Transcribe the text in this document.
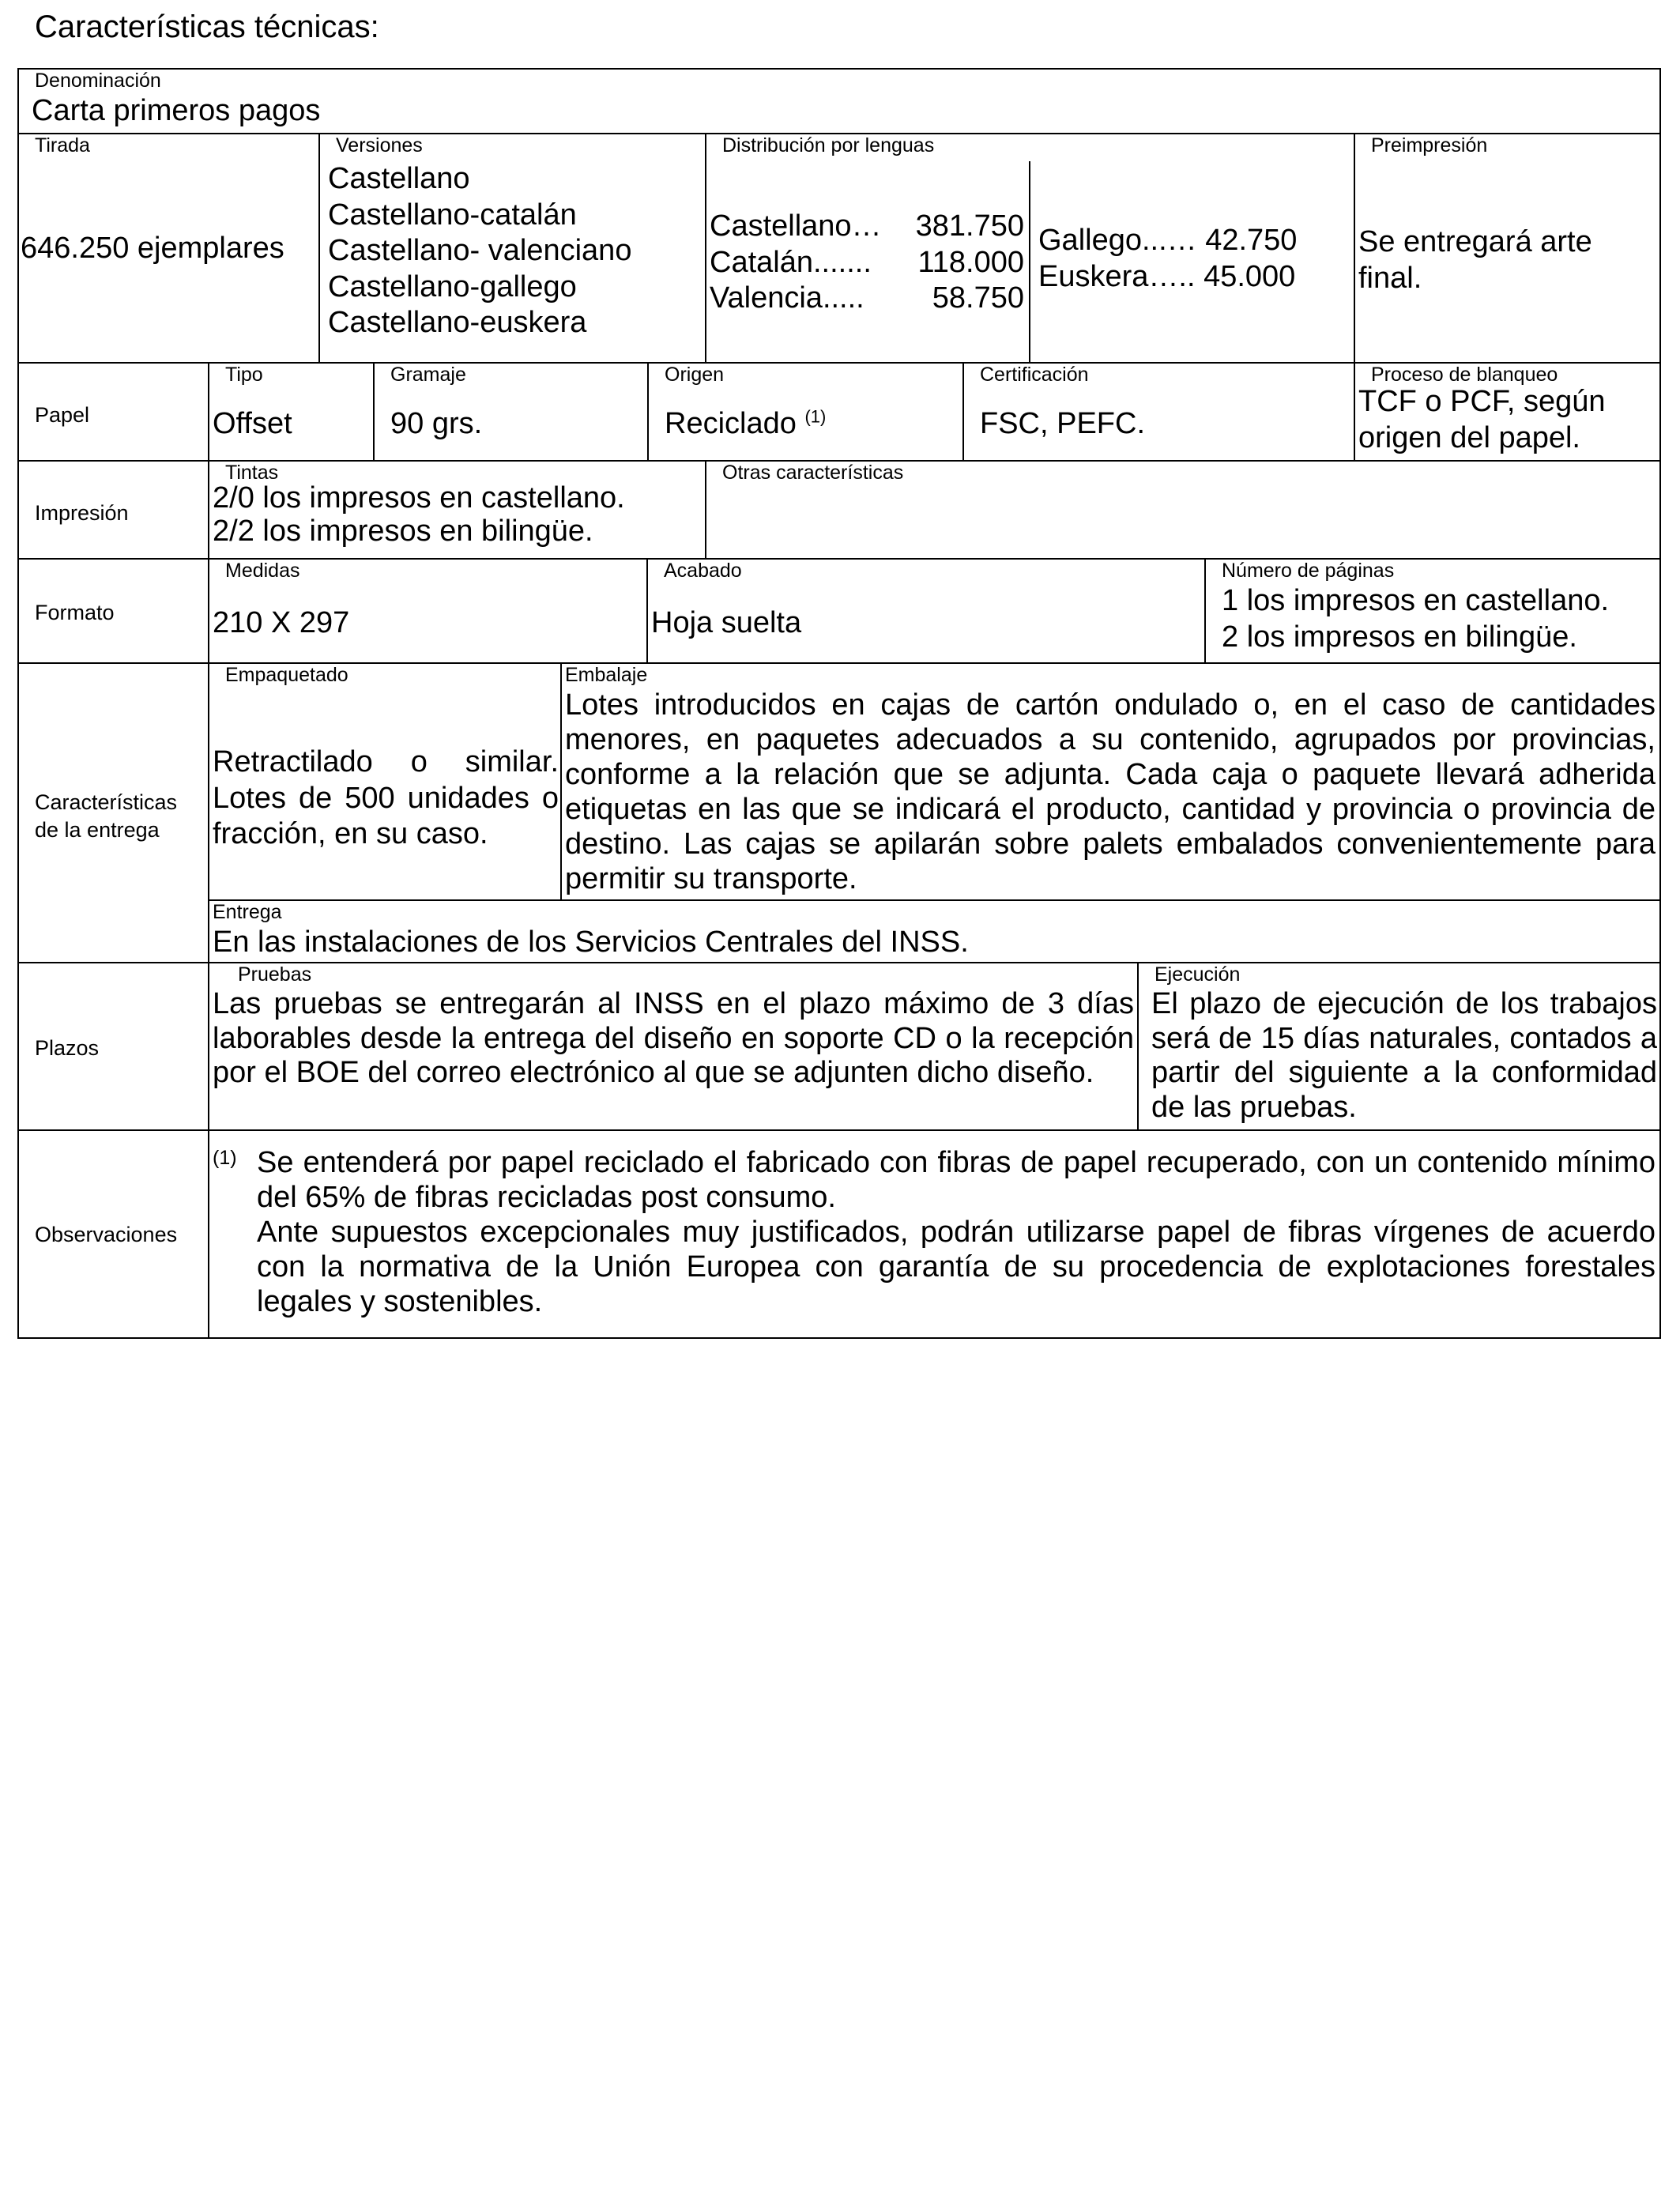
Características técnicas:
Denominación
Carta primeros pagos
Tirada
646.250 ejemplares
Versiones
Castellano
Castellano-catalán
Castellano- valenciano
Castellano-gallego
Castellano-euskera
Distribución por lenguas
Castellano… 381.750
Catalán....... 118.000
Valencia..... 58.750
Gallego...… 42.750
Euskera….. 45.000
Preimpresión
Se entregará arte
final.
Papel
Tipo
Offset
Gramaje
90 grs.
Origen
Reciclado $^{(1)}$
Certificación
FSC, PEFC.
Proceso de blanqueo
TCF o PCF, según
origen del papel.
Impresión
Tintas
2/0 los impresos en castellano.
2/2 los impresos en bilingüe.
Otras características
Formato
Medidas
210 X 297
Acabado
Hoja suelta
Número de páginas
1 los impresos en castellano.
2 los impresos en bilingüe.
Características
de la entrega
Empaquetado
Retractilado o similar. Lotes de 500 unidades o fracción, en su caso.
Embalaje
Lotes introducidos en cajas de cartón ondulado o, en el caso de cantidades menores, en paquetes adecuados a su contenido, agrupados por provincias, conforme a la relación que se adjunta. Cada caja o paquete llevará adherida etiquetas en las que se indicará el producto, cantidad y provincia o provincia de destino. Las cajas se apilarán sobre palets embalados convenientemente para permitir su transporte.
Entrega
En las instalaciones de los Servicios Centrales del INSS.
Plazos
Pruebas
Las pruebas se entregarán al INSS en el plazo máximo de 3 días laborables desde la entrega del diseño en soporte CD o la recepción por el BOE del correo electrónico al que se adjunten dicho diseño.
Ejecución
El plazo de ejecución de los trabajos será de 15 días naturales, contados a partir del siguiente a la conformidad de las pruebas.
Observaciones
(1) Se entenderá por papel reciclado el fabricado con fibras de papel recuperado, con un contenido mínimo del 65% de fibras recicladas post consumo.
Ante supuestos excepcionales muy justificados, podrán utilizarse papel de fibras vírgenes de acuerdo con la normativa de la Unión Europea con garantía de su procedencia de explotaciones forestales legales y sostenibles.
